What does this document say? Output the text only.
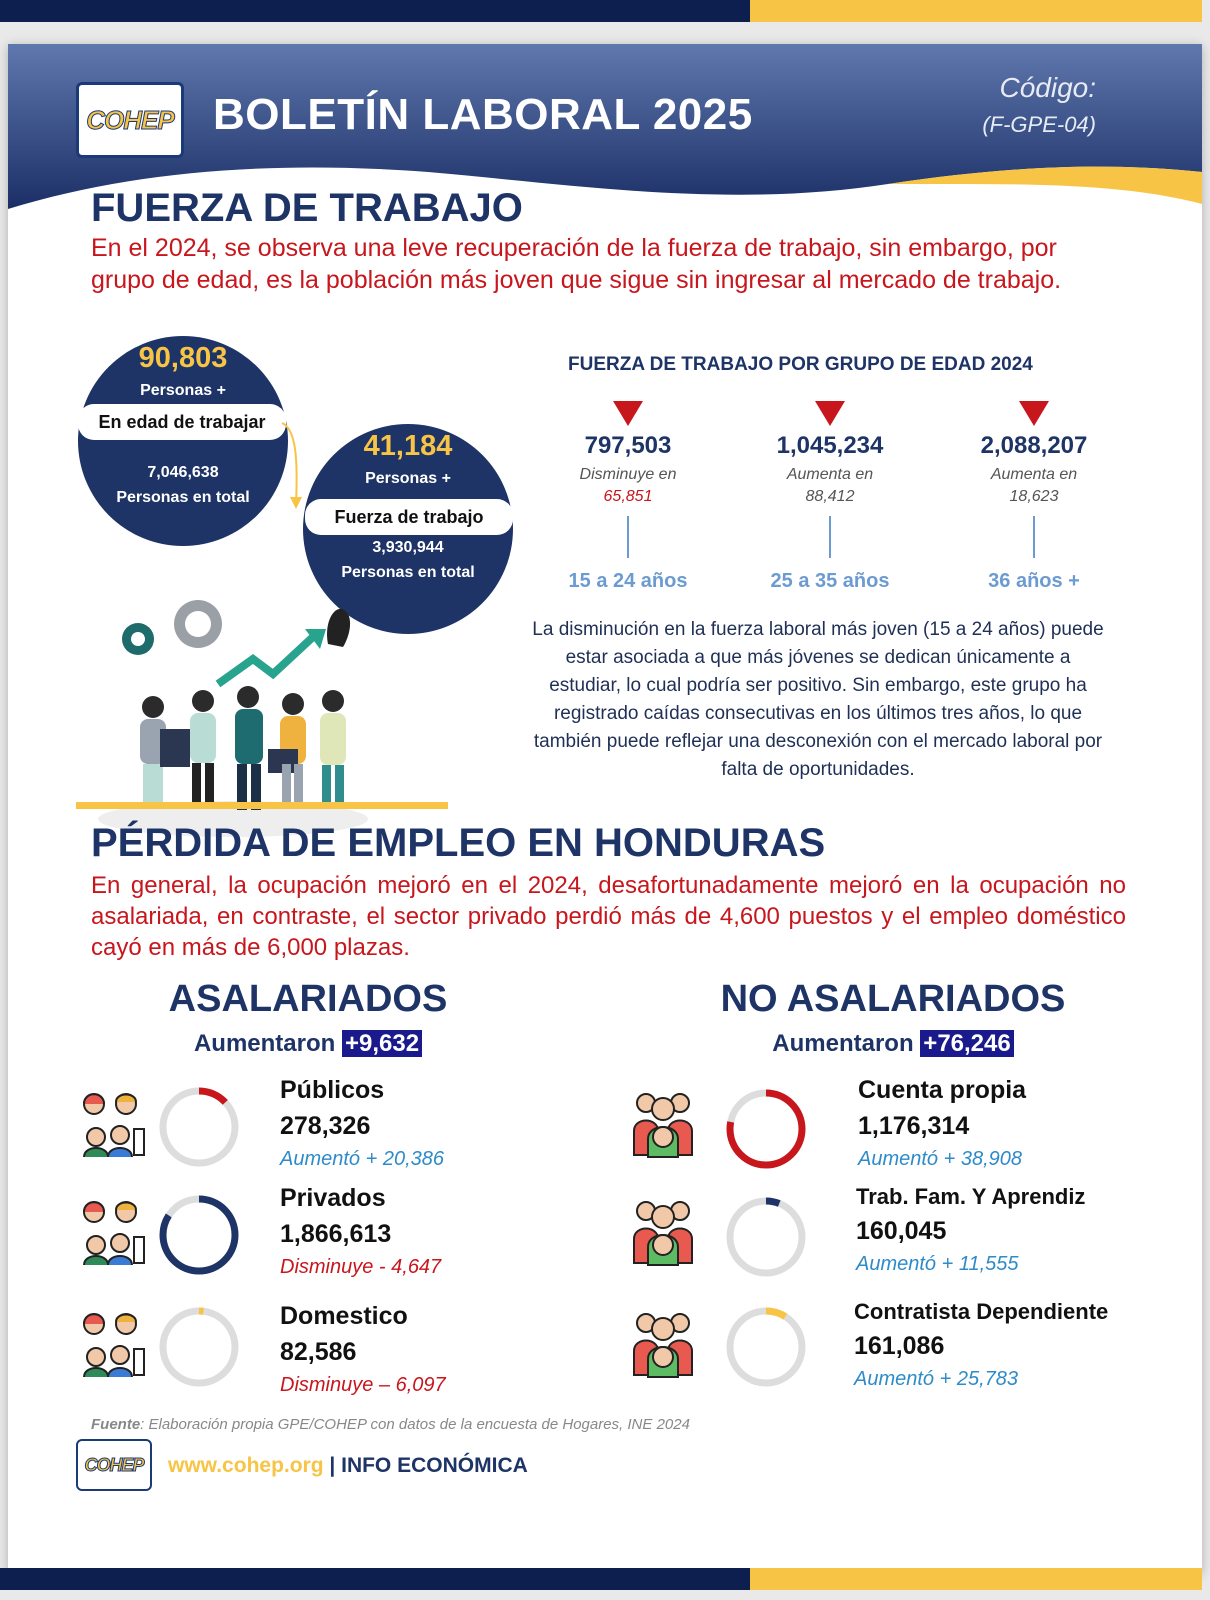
COHEP BOLETÍN LABORAL 2025
Código:
(F-GPE-04)
FUERZA DE TRABAJO
En el 2024, se observa una leve recuperación de la fuerza de trabajo, sin embargo, por grupo de edad, es la población más joven que sigue sin ingresar al mercado de trabajo.
90,803
Personas +
En edad de trabajar
7,046,638
Personas en total
41,184
Personas +
Fuerza de trabajo
3,930,944
Personas en total
FUERZA DE TRABAJO POR GRUPO DE EDAD 2024
797,503
Disminuye en
65,851
15 a 24 años
1,045,234
Aumenta en
88,412
25 a 35 años
2,088,207
Aumenta en
18,623
36 años +
La disminución en la fuerza laboral más joven (15 a 24 años) puede estar asociada a que más jóvenes se dedican únicamente a estudiar, lo cual podría ser positivo. Sin embargo, este grupo ha registrado caídas consecutivas en los últimos tres años, lo que también puede reflejar una desconexión con el mercado laboral por falta de oportunidades.
PÉRDIDA DE EMPLEO EN HONDURAS
En general, la ocupación mejoró en el 2024, desafortunadamente mejoró en la ocupación no asalariada, en contraste, el sector privado perdió más de 4,600 puestos y el empleo doméstico cayó en más de 6,000 plazas.
ASALARIADOS
Aumentaron +9,632
NO ASALARIADOS
Aumentaron +76,246
Públicos
278,326
Aumentó + 20,386
Privados
1,866,613
Disminuye - 4,647
Domestico
82,586
Disminuye – 6,097
Cuenta propia
1,176,314
Aumentó + 38,908
Trab. Fam. Y Aprendiz
160,045
Aumentó + 11,555
Contratista Dependiente
161,086
Aumentó + 25,783
Fuente: Elaboración propia GPE/COHEP con datos de la encuesta de Hogares, INE 2024
COHEP www.cohep.org | INFO ECONÓMICA
